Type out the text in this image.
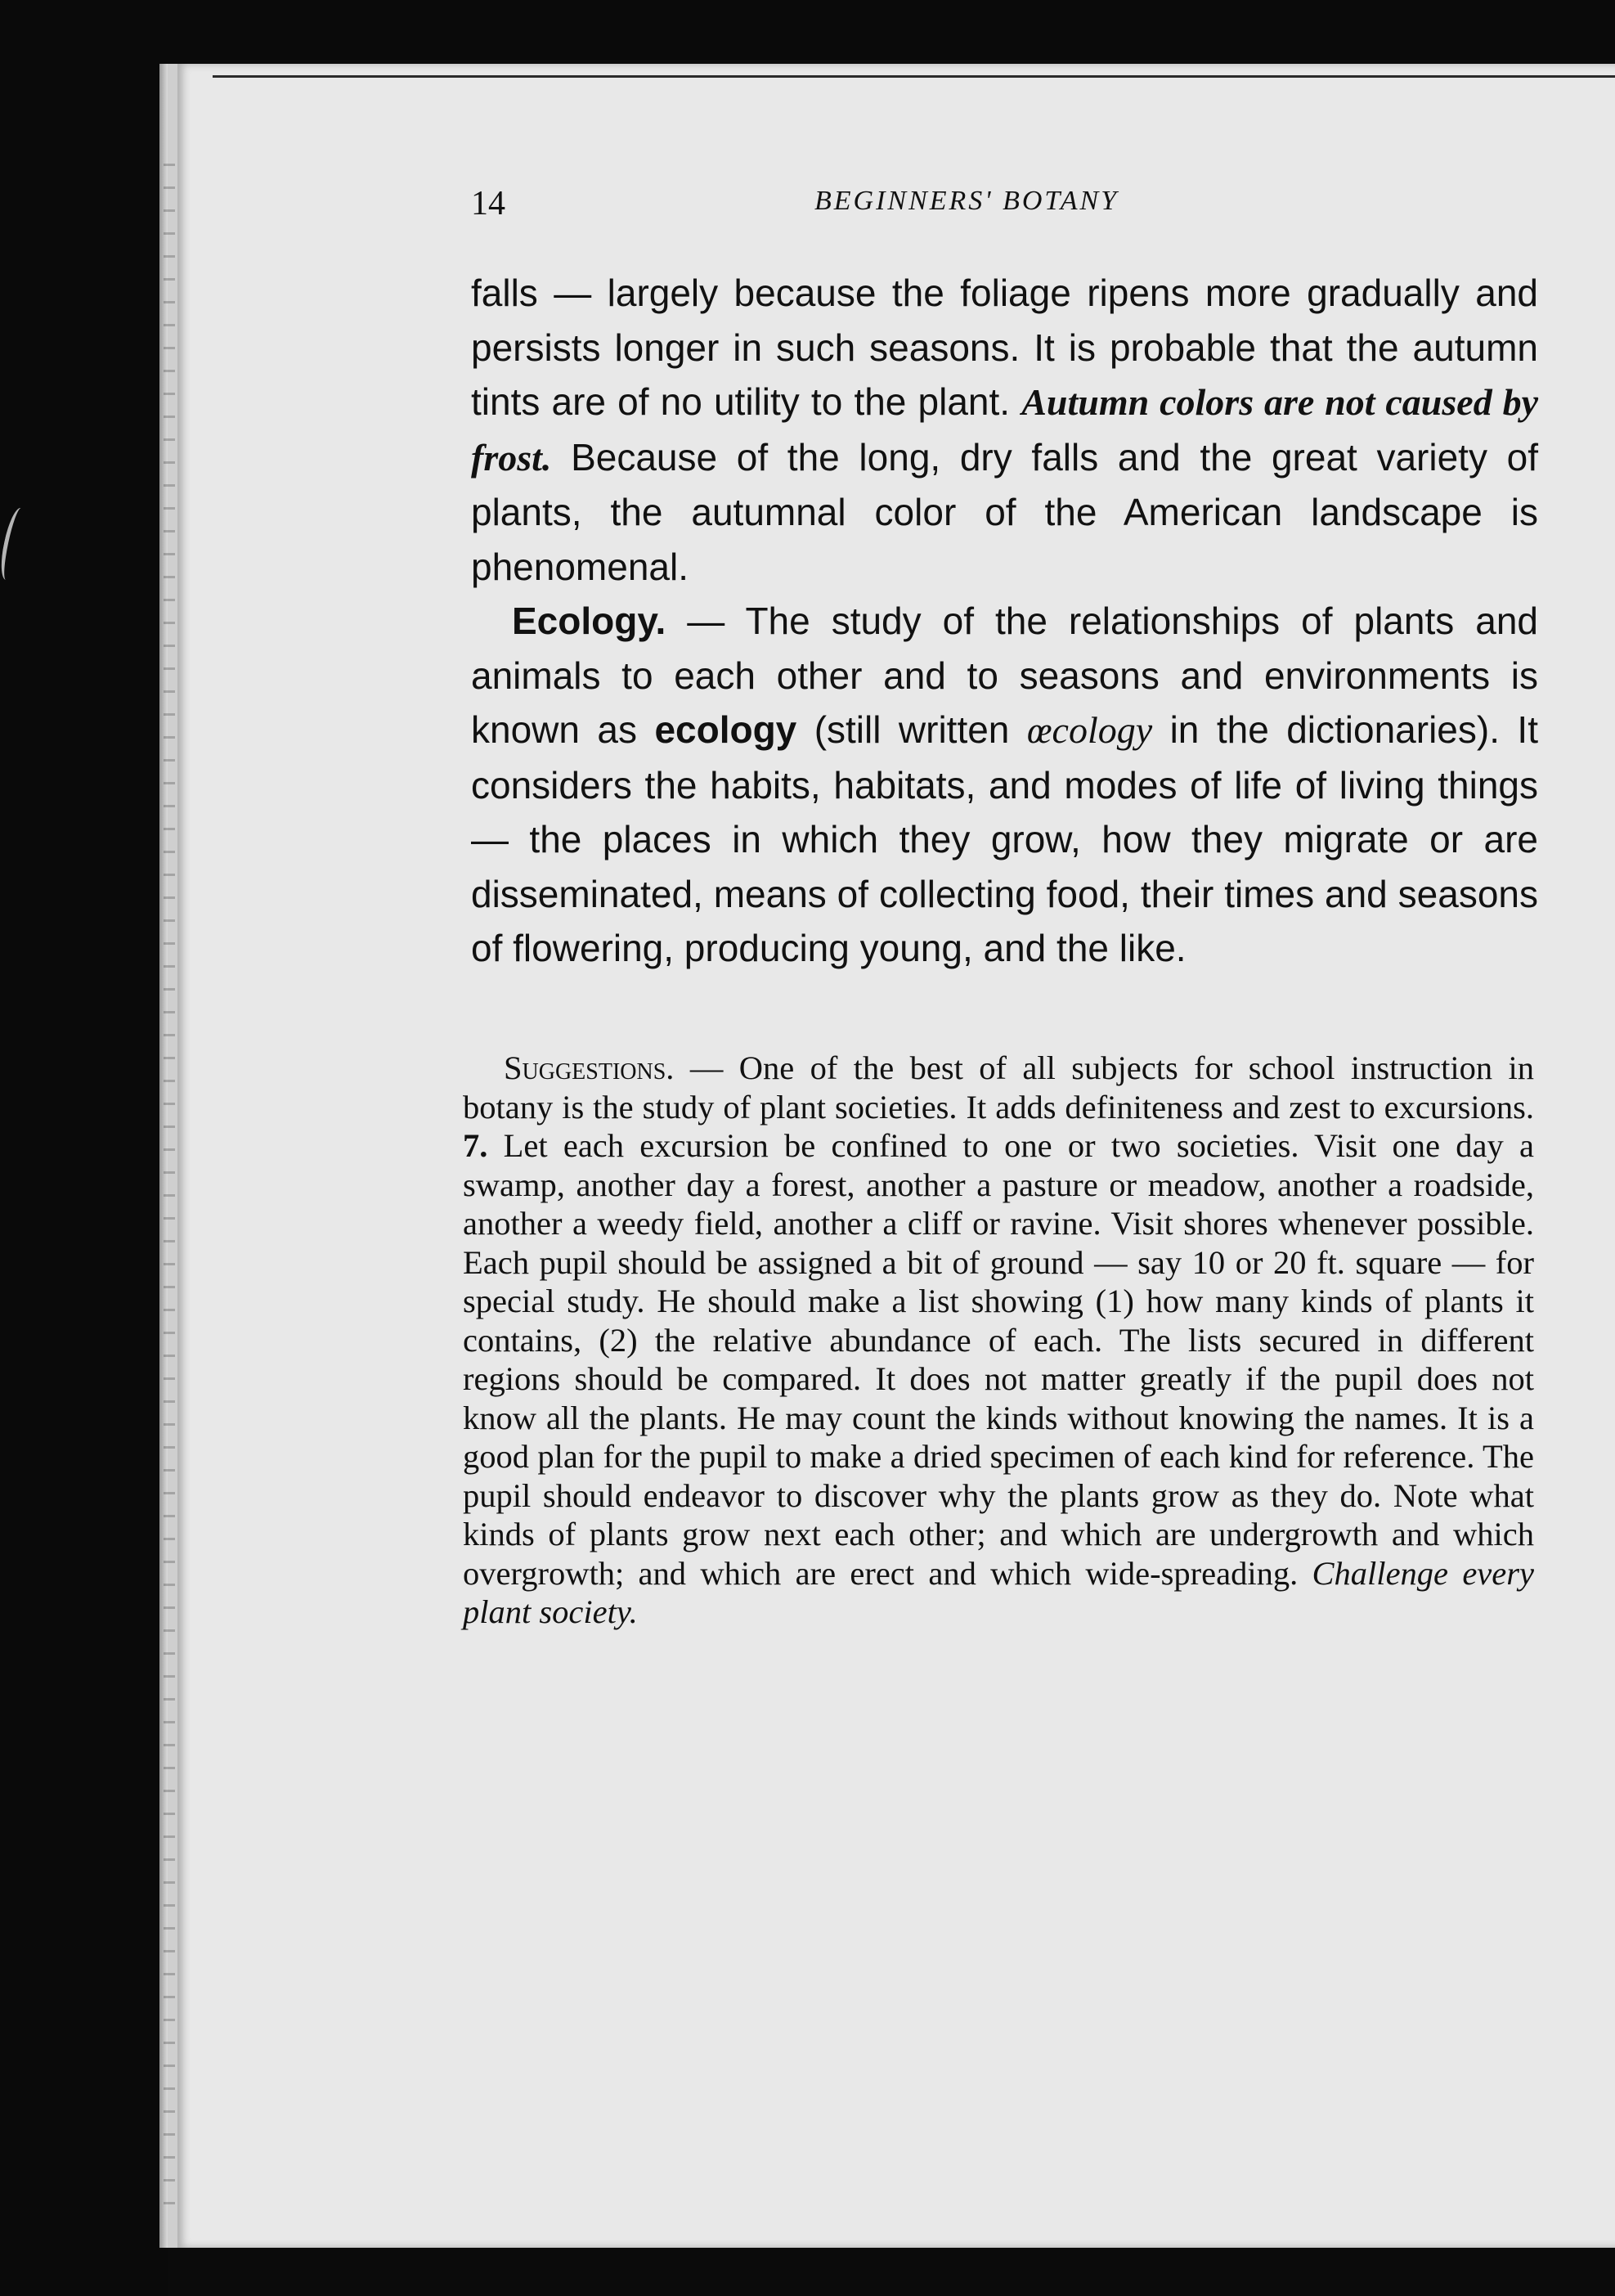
14	BEGINNERS' BOTANY

falls — largely because the foliage ripens more gradually and persists longer in such seasons. It is probable that the autumn tints are of no utility to the plant. Autumn colors are not caused by frost. Because of the long, dry falls and the great variety of plants, the autumnal color of the American landscape is phenomenal.

Ecology. — The study of the relationships of plants and animals to each other and to seasons and environments is known as ecology (still written œcology in the dictionaries). It considers the habits, habitats, and modes of life of living things — the places in which they grow, how they migrate or are disseminated, means of collecting food, their times and seasons of flowering, producing young, and the like.

Suggestions. — One of the best of all subjects for school instruction in botany is the study of plant societies. It adds definiteness and zest to excursions. 7. Let each excursion be confined to one or two societies. Visit one day a swamp, another day a forest, another a pasture or meadow, another a roadside, another a weedy field, another a cliff or ravine. Visit shores whenever possible. Each pupil should be assigned a bit of ground — say 10 or 20 ft. square — for special study. He should make a list showing (1) how many kinds of plants it contains, (2) the relative abundance of each. The lists secured in different regions should be compared. It does not matter greatly if the pupil does not know all the plants. He may count the kinds without knowing the names. It is a good plan for the pupil to make a dried specimen of each kind for reference. The pupil should endeavor to discover why the plants grow as they do. Note what kinds of plants grow next each other; and which are undergrowth and which overgrowth; and which are erect and which wide-spreading. Challenge every plant society.
